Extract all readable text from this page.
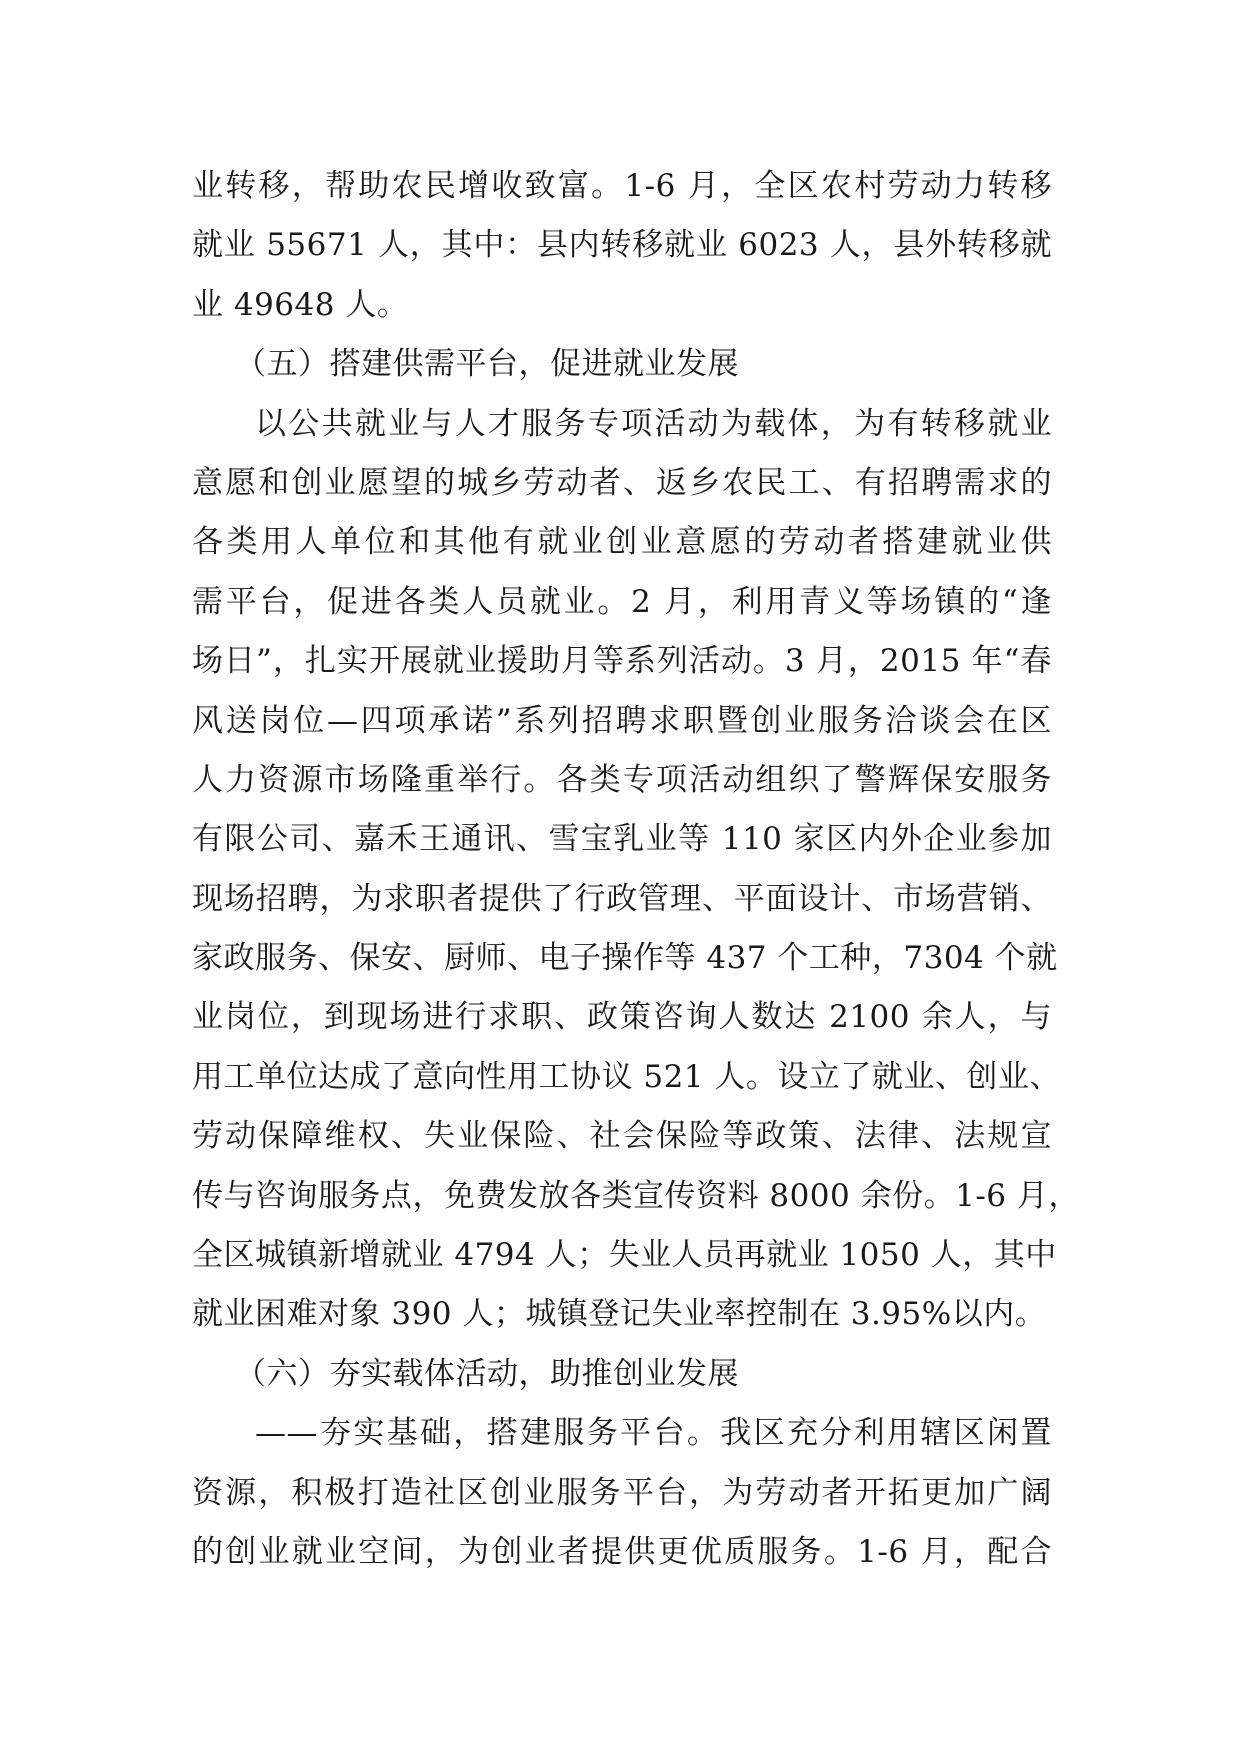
业转移，帮助农民增收致富。1-6 月，全区农村劳动力转移
就业 55671 人，其中：县内转移就业 6023 人，县外转移就
业 49648 人。
（五）搭建供需平台，促进就业发展
以公共就业与人才服务专项活动为载体，为有转移就业
意愿和创业愿望的城乡劳动者、返乡农民工、有招聘需求的
各类用人单位和其他有就业创业意愿的劳动者搭建就业供
需平台，促进各类人员就业。2 月，利用青义等场镇的“逢
场日”，扎实开展就业援助月等系列活动。3 月，2015 年“春
风送岗位—四项承诺”系列招聘求职暨创业服务洽谈会在区
人力资源市场隆重举行。各类专项活动组织了警辉保安服务
有限公司、嘉禾王通讯、雪宝乳业等 110 家区内外企业参加
现场招聘，为求职者提供了行政管理、平面设计、市场营销、
家政服务、保安、厨师、电子操作等 437 个工种，7304 个就
业岗位，到现场进行求职、政策咨询人数达 2100 余人，与
用工单位达成了意向性用工协议 521 人。设立了就业、创业、
劳动保障维权、失业保险、社会保险等政策、法律、法规宣
传与咨询服务点，免费发放各类宣传资料 8000 余份。1-6 月，
全区城镇新增就业 4794 人；失业人员再就业 1050 人，其中
就业困难对象 390 人；城镇登记失业率控制在 3.95%以内。
（六）夯实载体活动，助推创业发展
——夯实基础，搭建服务平台。我区充分利用辖区闲置
资源，积极打造社区创业服务平台，为劳动者开拓更加广阔
的创业就业空间，为创业者提供更优质服务。1-6 月，配合
